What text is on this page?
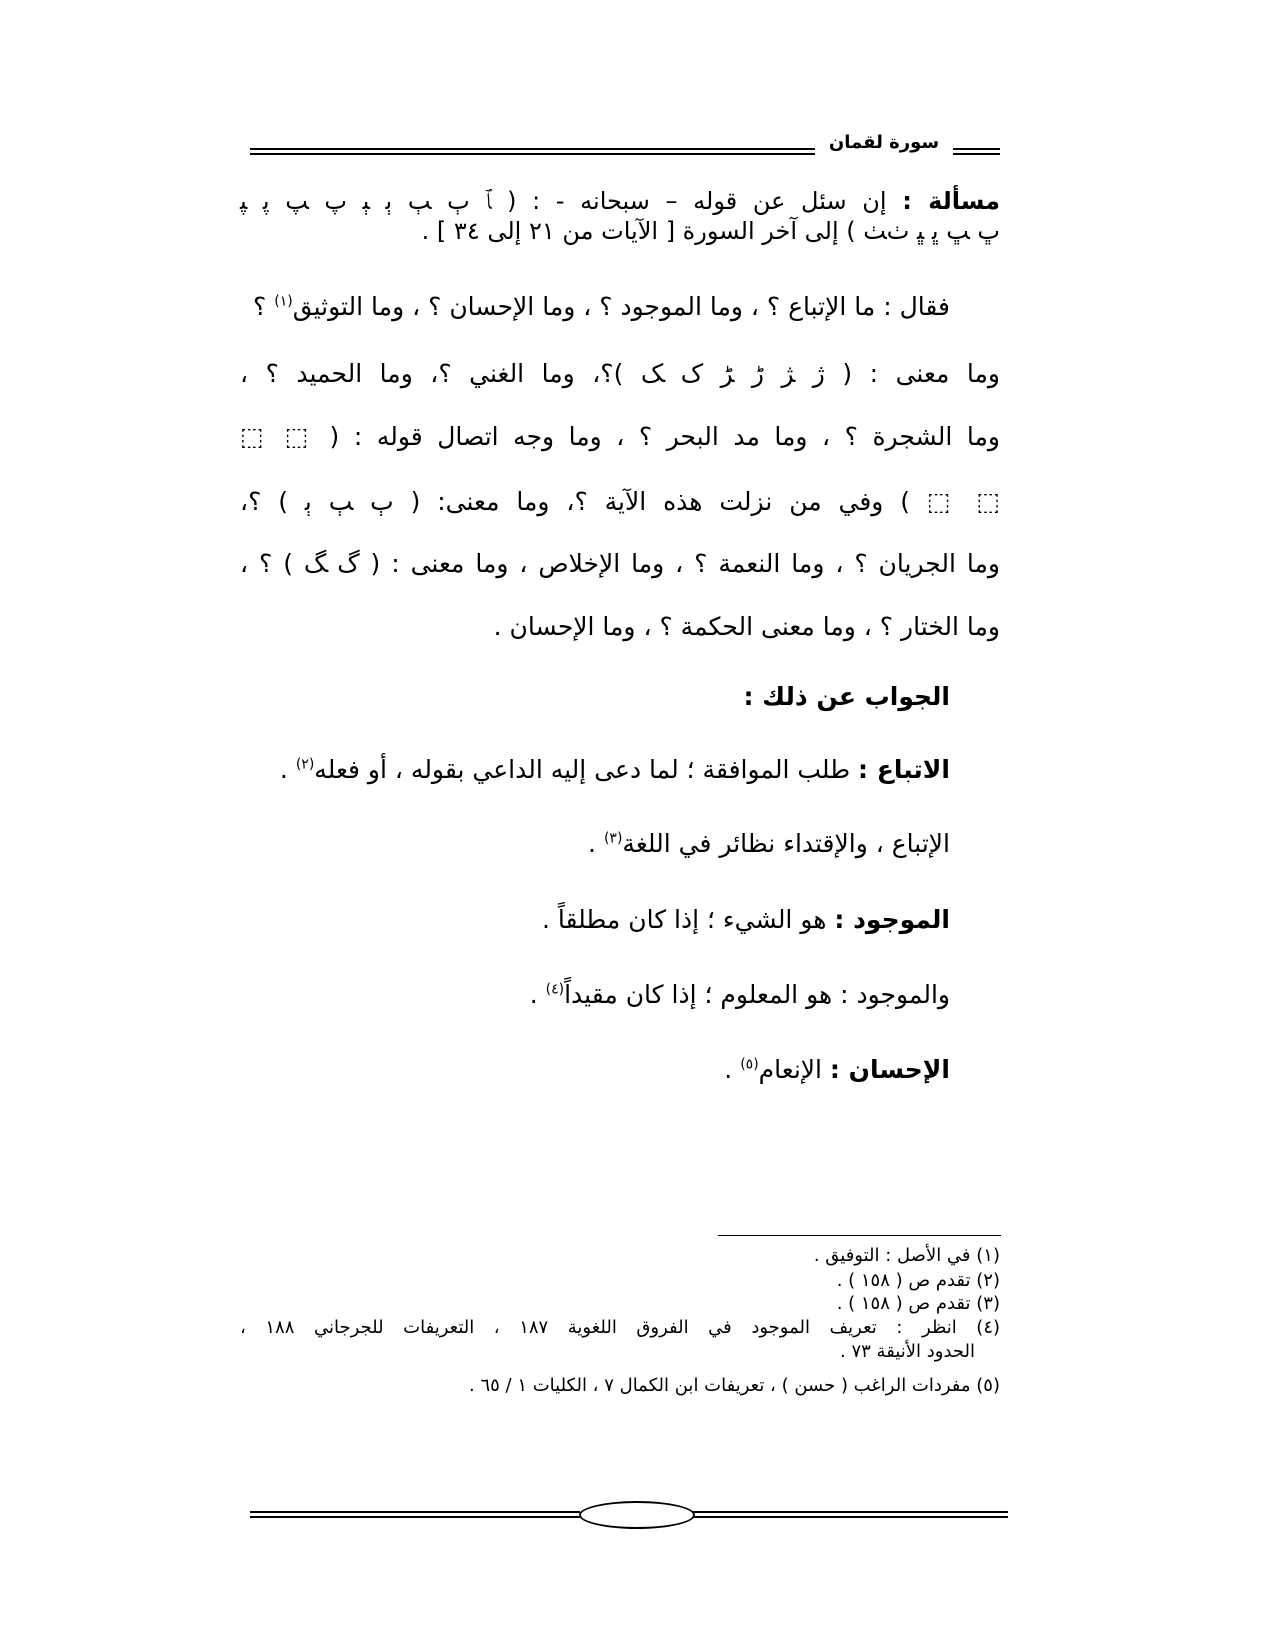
سورة لقمان
مسألة : إن سئل عن قوله – سبحانه - : ( ﭑ ﭒ ﭓ ﭔ ﭕ ﭖ ﭗ ﭘ ﭙ
ﭚ ﭛ ﭜ ﭝ ﭞﭟ ) إلى آخر السورة [ الآيات من ٢١ إلى ٣٤ ] .
فقال : ما الإتباع ؟ ، وما الموجود ؟ ، وما الإحسان ؟ ، وما التوثيق$^{(١)}$ ؟
وما معنى : ( ﮊ ﮋ ﮌ ﮍ ﮎ ﮏ )؟، وما الغني ؟، وما الحميد ؟ ،
وما الشجرة ؟ ، وما مد البحر ؟ ، وما وجه اتصال قوله : ( ⬚ ⬚
⬚ ⬚ ) وفي من نزلت هذه الآية ؟، وما معنى: ( ﭒ ﭓ ﭔ ) ؟،
وما الجريان ؟ ، وما النعمة ؟ ، وما الإخلاص ، وما معنى : ( ﮒ ﮓ ) ؟ ،
وما الختار ؟ ، وما معنى الحكمة ؟ ، وما الإحسان .
الجواب عن ذلك :
الاتباع : طلب الموافقة ؛ لما دعى إليه الداعي بقوله ، أو فعله$^{(٢)}$ .
الإتباع ، والإقتداء نظائر في اللغة$^{(٣)}$ .
الموجود : هو الشيء ؛ إذا كان مطلقاً .
والموجود : هو المعلوم ؛ إذا كان مقيداً$^{(٤)}$ .
الإحسان : الإنعام$^{(٥)}$ .
(١) في الأصل : التوفيق .
(٢) تقدم ص ( ١٥٨ ) .
(٣) تقدم ص ( ١٥٨ ) .
(٤) انظر : تعريف الموجود في الفروق اللغوية ١٨٧ ، التعريفات للجرجاني ١٨٨ ،
الحدود الأنيقة ٧٣ .
(٥) مفردات الراغب ( حسن ) ، تعريفات ابن الكمال ٧ ، الكليات ١ / ٦٥ .
